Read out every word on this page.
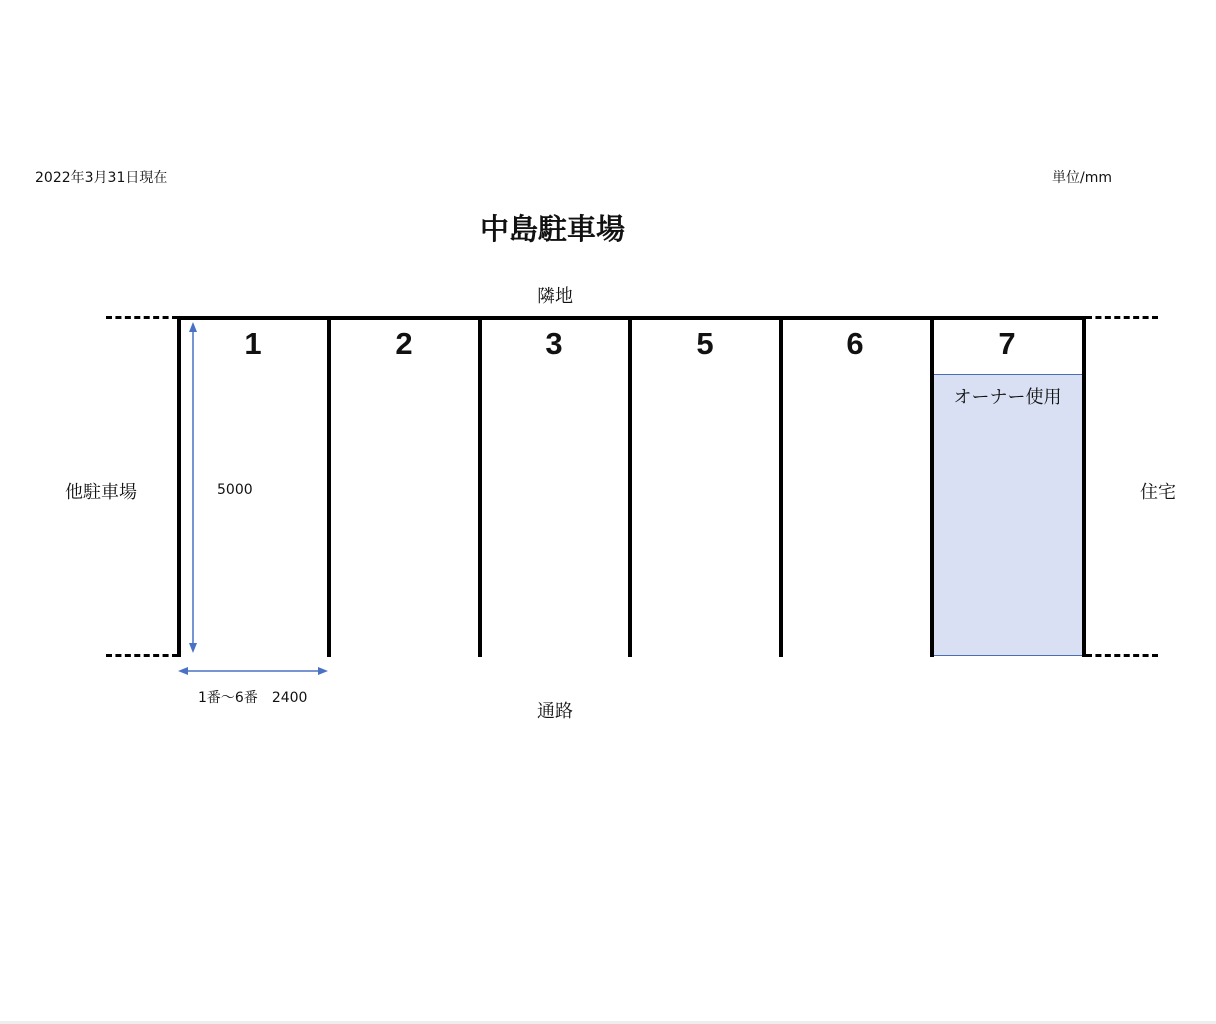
2022年3月31日現在	単位/mm
中島駐車場
隣地
他駐車場	住宅
通路
オーナー使用
1	2	3	5	6	7
5000
1番〜6番　2400
